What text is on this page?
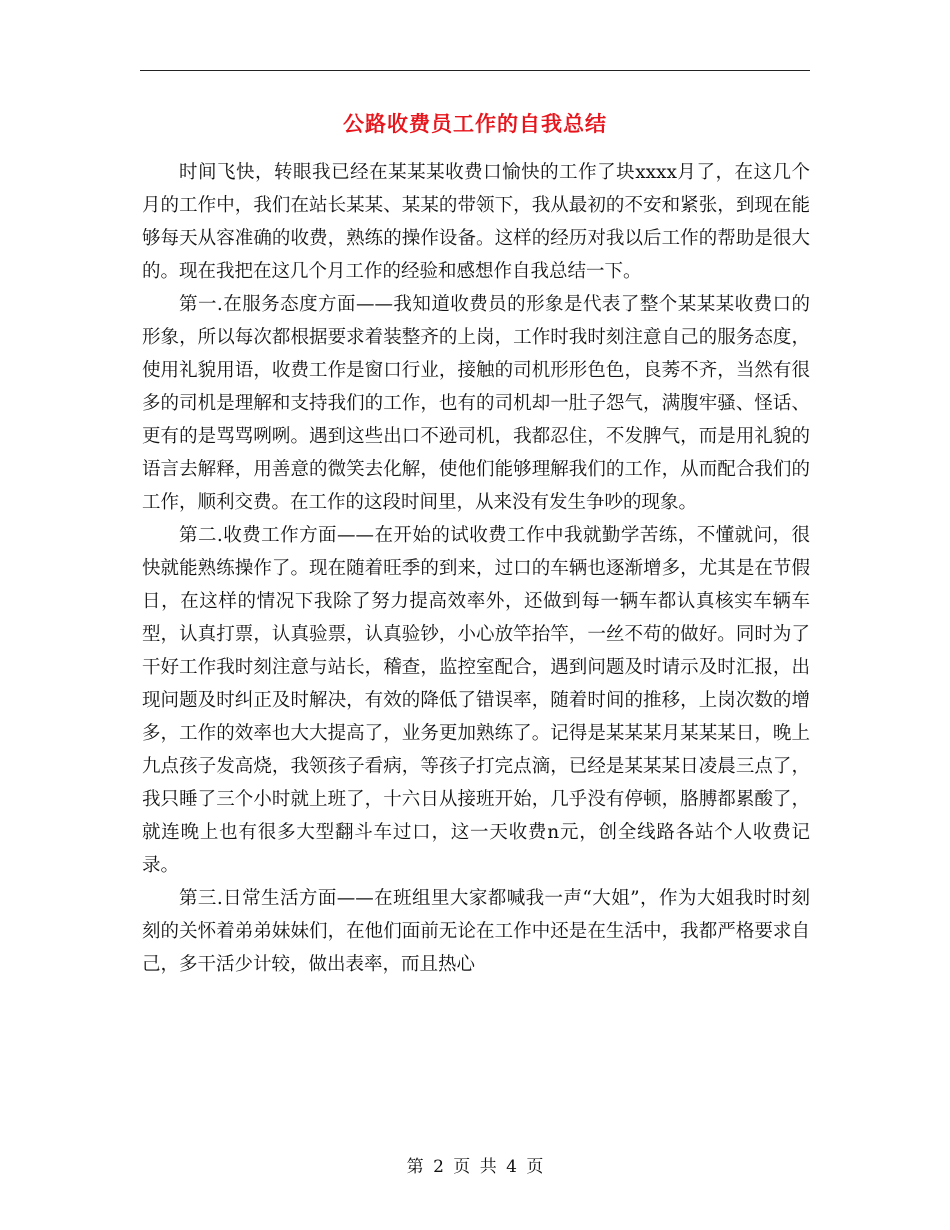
公路收费员工作的自我总结

时间飞快，转眼我已经在某某某收费口愉快的工作了块xxxx月了，在这几个月的工作中，我们在站长某某、某某的带领下，我从最初的不安和紧张，到现在能够每天从容准确的收费，熟练的操作设备。这样的经历对我以后工作的帮助是很大的。现在我把在这几个月工作的经验和感想作自我总结一下。

第一.在服务态度方面——我知道收费员的形象是代表了整个某某某收费口的形象，所以每次都根据要求着装整齐的上岗，工作时我时刻注意自己的服务态度，使用礼貌用语，收费工作是窗口行业，接触的司机形形色色，良莠不齐，当然有很多的司机是理解和支持我们的工作，也有的司机却一肚子怨气，满腹牢骚、怪话、更有的是骂骂咧咧。遇到这些出口不逊司机，我都忍住，不发脾气，而是用礼貌的语言去解释，用善意的微笑去化解，使他们能够理解我们的工作，从而配合我们的工作，顺利交费。在工作的这段时间里，从来没有发生争吵的现象。

第二.收费工作方面——在开始的试收费工作中我就勤学苦练，不懂就问，很快就能熟练操作了。现在随着旺季的到来，过口的车辆也逐渐增多，尤其是在节假日，在这样的情况下我除了努力提高效率外，还做到每一辆车都认真核实车辆车型，认真打票，认真验票，认真验钞，小心放竿抬竿，一丝不苟的做好。同时为了干好工作我时刻注意与站长，稽查，监控室配合，遇到问题及时请示及时汇报，出现问题及时纠正及时解决，有效的降低了错误率，随着时间的推移，上岗次数的增多，工作的效率也大大提高了，业务更加熟练了。记得是某某某月某某某日，晚上九点孩子发高烧，我领孩子看病，等孩子打完点滴，已经是某某某日凌晨三点了，我只睡了三个小时就上班了，十六日从接班开始，几乎没有停顿，胳膊都累酸了，就连晚上也有很多大型翻斗车过口，这一天收费n元，创全线路各站个人收费记录。

第三.日常生活方面——在班组里大家都喊我一声“大姐”，作为大姐我时时刻刻的关怀着弟弟妹妹们，在他们面前无论在工作中还是在生活中，我都严格要求自己，多干活少计较，做出表率，而且热心

第 2 页 共 4 页
